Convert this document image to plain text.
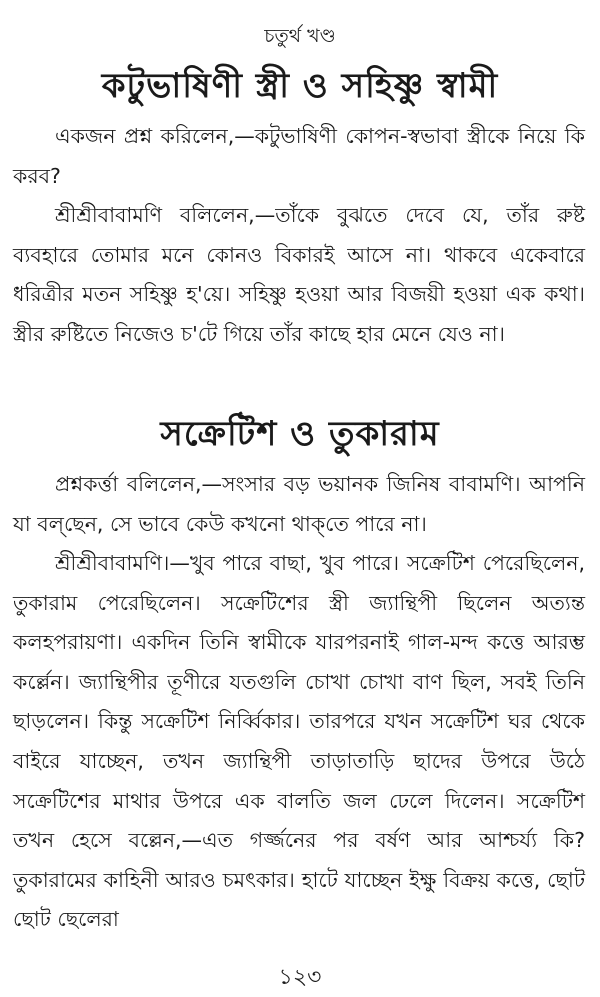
চতুর্থ খণ্ড
কটুভাষিণী স্ত্রী ও সহিষ্ণু স্বামী

একজন প্রশ্ন করিলেন,—কটুভাষিণী কোপন-স্বভাবা স্ত্রীকে নিয়ে কি করব?

শ্রীশ্রীবাবামণি বলিলেন,—তাঁকে বুঝতে দেবে যে, তাঁর রুষ্ট ব্যবহারে তোমার মনে কোনও বিকারই আসে না। থাকবে একেবারে ধরিত্রীর মতন সহিষ্ণু হ'য়ে। সহিষ্ণু হওয়া আর বিজয়ী হওয়া এক কথা। স্ত্রীর রুষ্টিতে নিজেও চ'টে গিয়ে তাঁর কাছে হার মেনে যেও না।

সক্রেটিশ ও তুকারাম

প্রশ্নকর্ত্তা বলিলেন,—সংসার বড় ভয়ানক জিনিষ বাবামণি। আপনি যা বল্‌ছেন, সে ভাবে কেউ কখনো থাক্‌তে পারে না।

শ্রীশ্রীবাবামণি।—খুব পারে বাছা, খুব পারে। সক্রেটিশ পেরেছিলেন, তুকারাম পেরেছিলেন। সক্রেটিশের স্ত্রী জ্যান্থিপী ছিলেন অত্যন্ত কলহপরায়ণা। একদিন তিনি স্বামীকে যারপরনাই গাল-মন্দ কত্তে আরম্ভ কর্ল্লেন। জ্যান্থিপীর তূণীরে যতগুলি চোখা চোখা বাণ ছিল, সবই তিনি ছাড়লেন। কিন্তু সক্রেটিশ নির্ব্বিকার। তারপরে যখন সক্রেটিশ ঘর থেকে বাইরে যাচ্ছেন, তখন জ্যান্থিপী তাড়াতাড়ি ছাদের উপরে উঠে সক্রেটিশের মাথার উপরে এক বালতি জল ঢেলে দিলেন। সক্রেটিশ তখন হেসে বল্লেন,—এত গর্জ্জনের পর বর্ষণ আর আশ্চর্য্য কি? তুকারামের কাহিনী আরও চমৎকার। হাটে যাচ্ছেন ইক্ষু বিক্রয় কত্তে, ছোট ছোট ছেলেরা

১২৩
